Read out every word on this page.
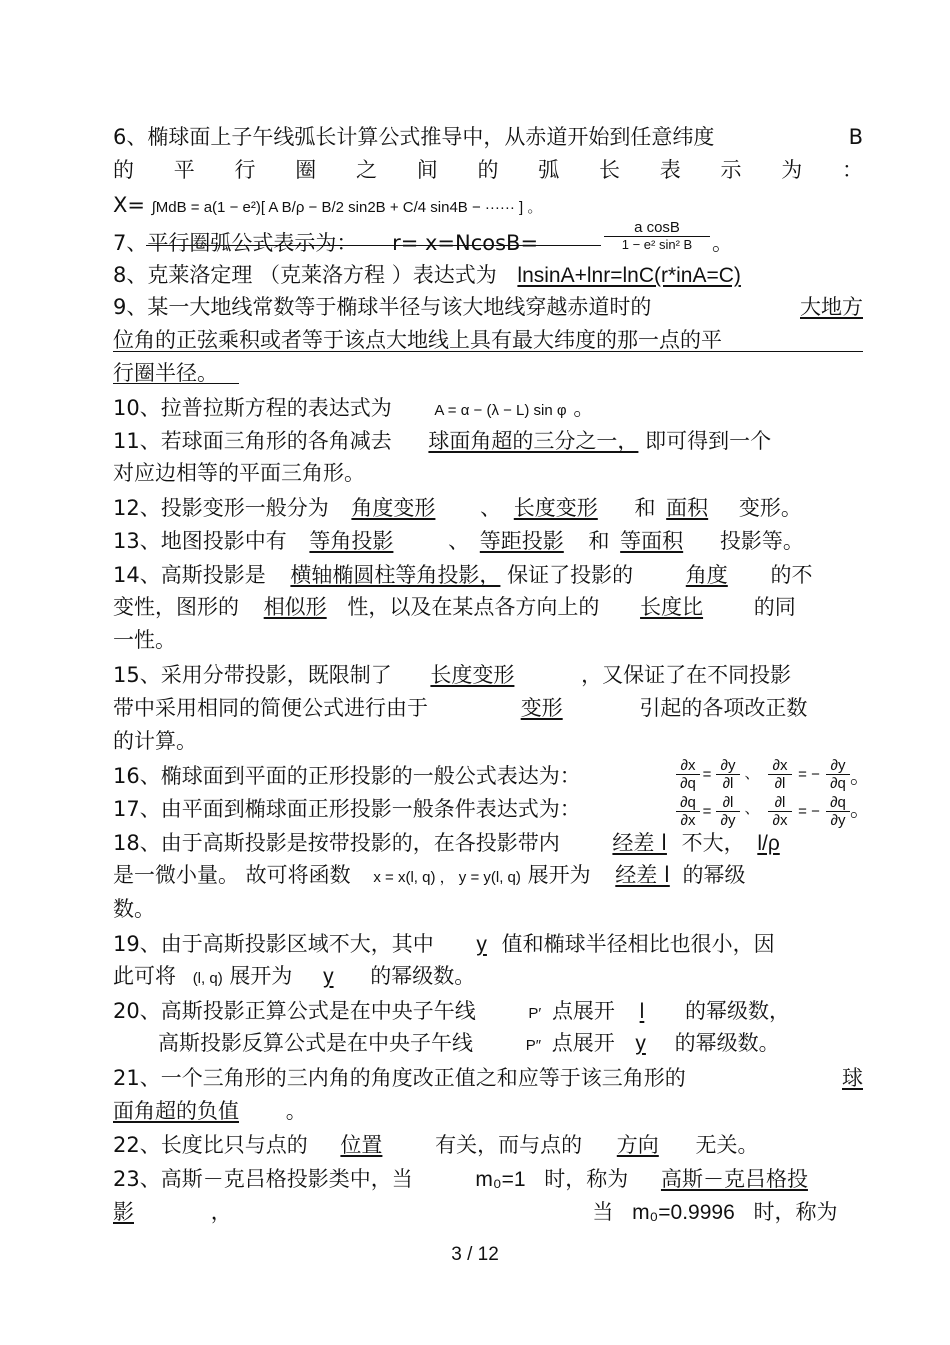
6、椭球面上子午线弧长计算公式推导中，从赤道开始到任意纬度	B
的 平 行 圈 之 间 的 弧 长 表 示 为 ：
X= ∫MdB = a(1 − e²)[ A B/ρ − B/2 sin2B + C/4 sin4B − ······ ] 。
7、平行圈弧公式表示为： r= x=NcosB=	$\frac{\text{a cosB}}{\text{1 − e² sin² B}}$ 。
8、克莱洛定理 （克莱洛方程 ）表达式为 lnsinA+lnr=lnC(r*inA=C)
9、某一大地线常数等于椭球半径与该大地线穿越赤道时的	大地方
位角的正弦乘积或者等于该点大地线上具有最大纬度的那一点的平
行圈半径。
10、拉普拉斯方程的表达式为	A = α − (λ − L) sin φ 。
11、若球面三角形的各角减去 球面角超的三分之一， 即可得到一个
对应边相等的平面三角形。
12、投影变形一般分为 角度变形 、 长度变形 和 面积 变形。
13、地图投影中有 等角投影	、 等距投影 和 等面积 投影等。
14、高斯投影是 横轴椭圆柱等角投影， 保证了投影的	角度 的不
变性，图形的 相似形 性，以及在某点各方向上的 长度比 的同
一性。
15、采用分带投影，既限制了 长度变形	，又保证了在不同投影
带中采用相同的简便公式进行由于	变形	引起的各项改正数
的计算。
16、椭球面到平面的正形投影的一般公式表达为：	$\frac{\partial x}{\partial q} = \frac{\partial y}{\partial l}$ 、 $\frac{\partial x}{\partial l}$ = − $\frac{\partial y}{\partial q}$ 。
17、由平面到椭球面正形投影一般条件表达式为：	$\frac{\partial q}{\partial x} = \frac{\partial l}{\partial y}$ 、 $\frac{\partial l}{\partial x}$ = − $\frac{\partial q}{\partial y}$ 。
18、由于高斯投影是按带投影的，在各投影带内	经差 l 不大， l/ρ
是一微小量。 故可将函数 x = x(l, q) ， y = y(l, q) 展开为 经差 l 的幂级
数。
19、由于高斯投影区域不大，其中 y 值和椭球半径相比也很小，因
此可将 (l, q) 展开为 y 的幂级数。
20、高斯投影正算公式是在中央子午线	P′ 点展开 l 的幂级数，
高斯投影反算公式是在中央子午线	P″ 点展开 y 的幂级数。
21、一个三角形的三内角的角度改正值之和应等于该三角形的	球
面角超的负值 。
22、长度比只与点的 位置	有关，而与点的 方向 无关。
23、高斯－克吕格投影类中，当	m₀=1 时，称为 高斯－克吕格投
影	，	当 m₀=0.9996 时，称为
3 / 12
